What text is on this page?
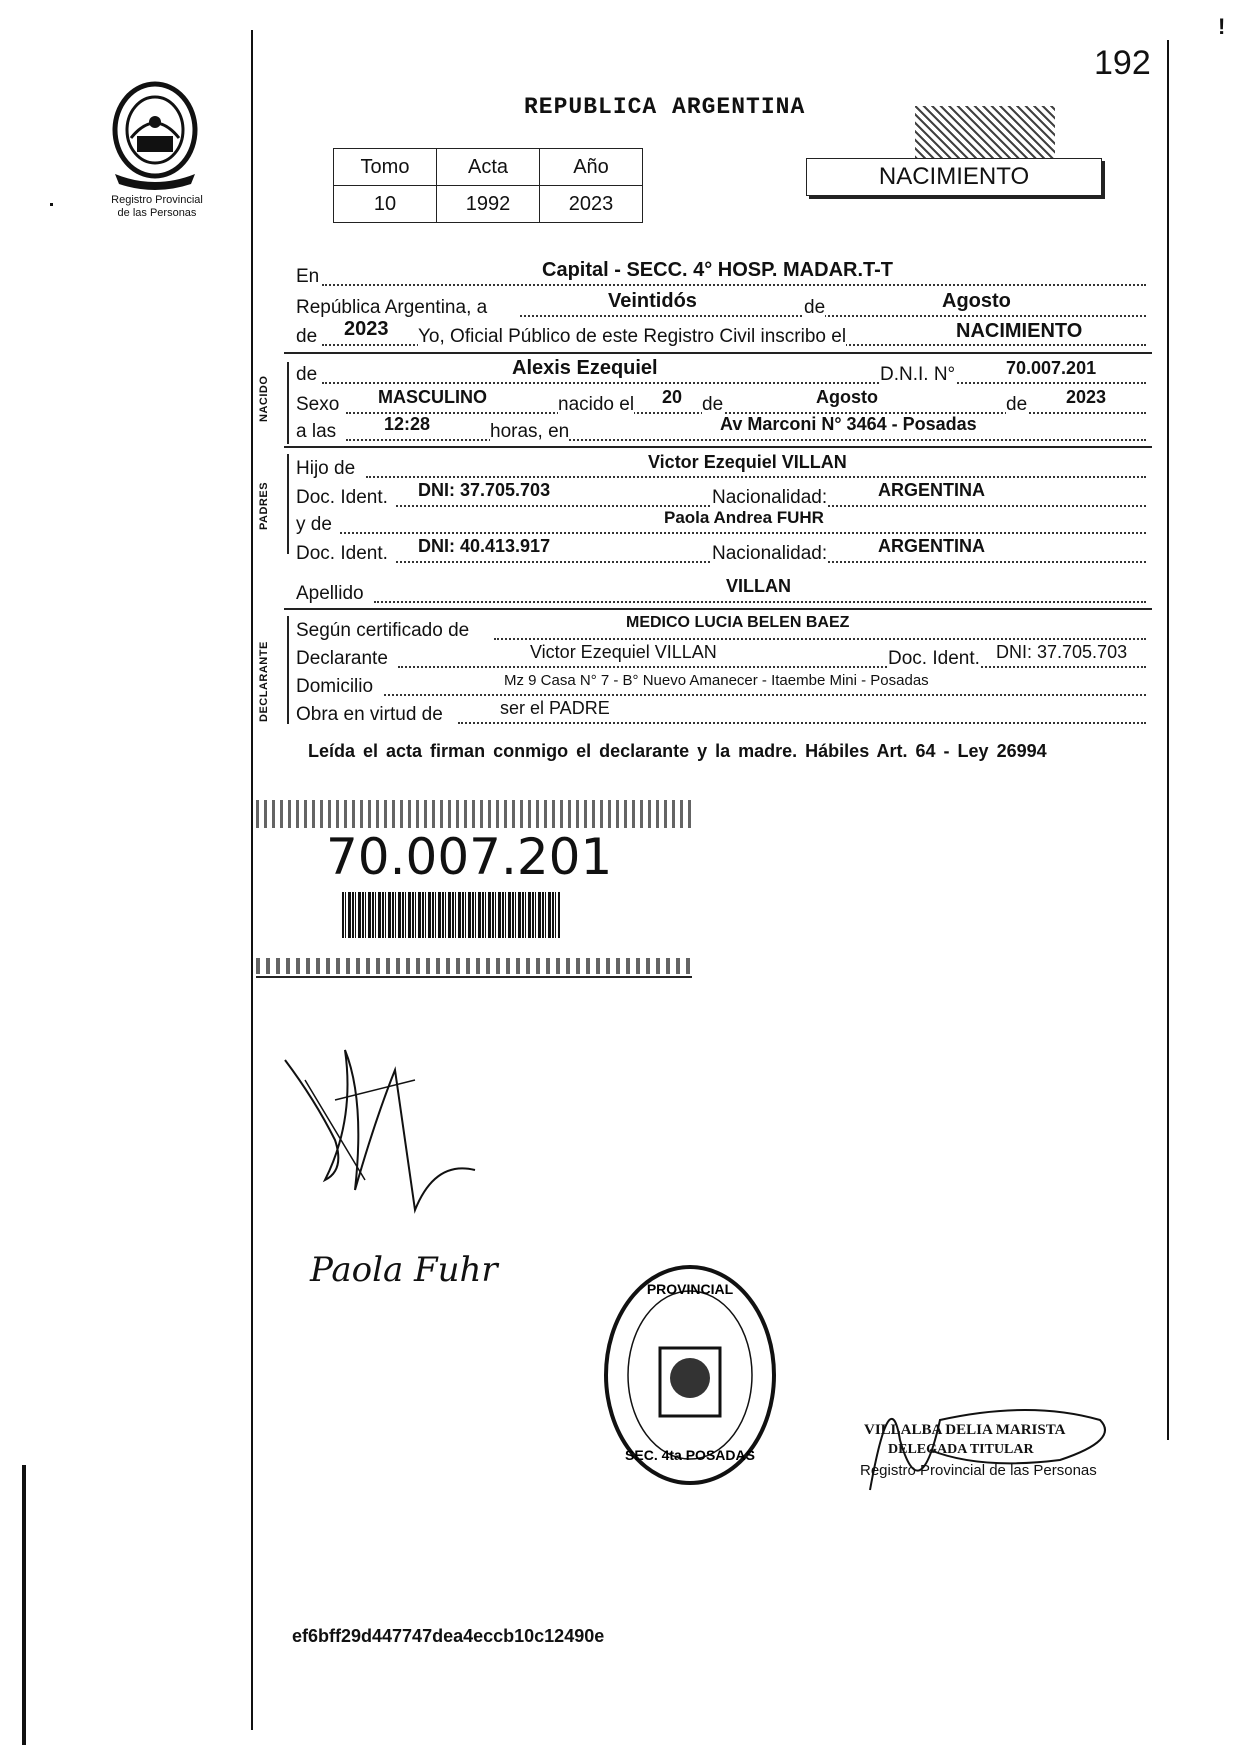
192
!
Registro Provincial
de las Personas
REPUBLICA ARGENTINA
Tomo	Acta	Año
10	1992	2023
NACIMIENTO
En	Capital - SECC. 4° HOSP. MADAR.T-T
República Argentina, a	Veintidós	de	Agosto
de 2023 Yo, Oficial Público de este Registro Civil inscribo el	NACIMIENTO
NACIDO
de	Alexis Ezequiel	D.N.I. N°	70.007.201
Sexo MASCULINO	nacido el 20 de	Agosto	de 2023
a las	12:28	horas, en	Av Marconi N° 3464 - Posadas
PADRES
Hijo de	Victor Ezequiel VILLAN
Doc. Ident. DNI: 37.705.703	Nacionalidad:	ARGENTINA
y de	Paola Andrea FUHR
Doc. Ident. DNI: 40.413.917	Nacionalidad:	ARGENTINA
Apellido	VILLAN
DECLARANTE
Según certificado de	MEDICO LUCIA BELEN BAEZ
Declarante	Victor Ezequiel VILLAN	Doc. Ident. DNI: 37.705.703
Domicilio	Mz 9 Casa N° 7 - B° Nuevo Amanecer - Itaembe Mini - Posadas
Obra en virtud de	ser el PADRE
Leída el acta firman conmigo el declarante y la madre. Hábiles Art. 64 - Ley 26994
70.007.201
Paola Fuhr	PROVINCIAL
SEC. 4ta POSADAS
VILLALBA DELIA MARISTA
DELEGADA TITULAR
Registro Provincial de las Personas
ef6bff29d447747dea4eccb10c12490e
